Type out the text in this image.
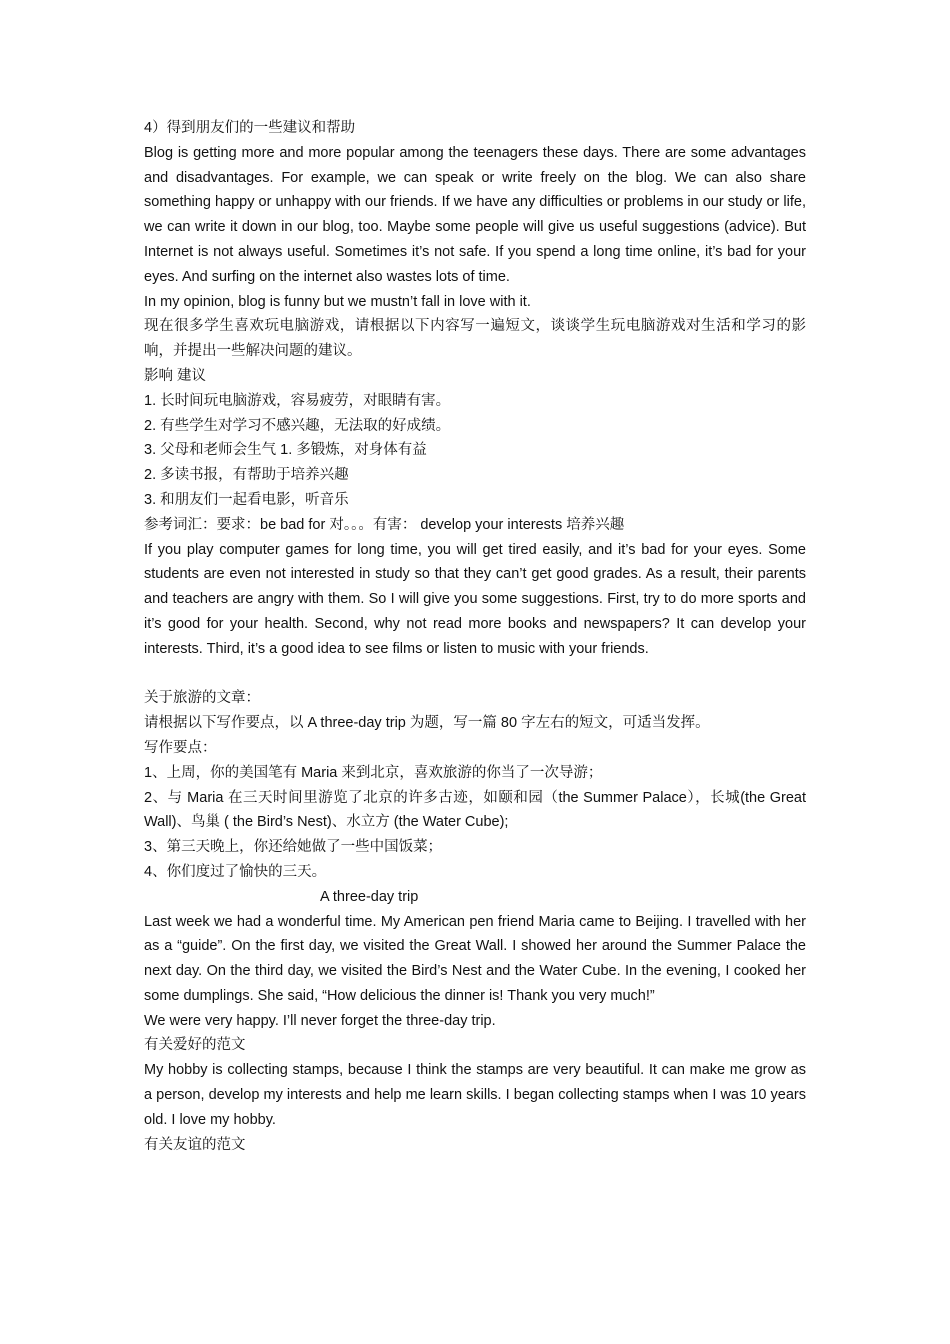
4）得到朋友们的一些建议和帮助

Blog is getting more and more popular among the teenagers these days. There are some advantages and disadvantages. For example, we can speak or write freely on the blog. We can also share something happy or unhappy with our friends. If we have any difficulties or problems in our study or life, we can write it down in our blog, too. Maybe some people will give us useful suggestions (advice). But Internet is not always useful. Sometimes it’s not safe. If you spend a long time online, it’s bad for your eyes. And surfing on the internet also wastes lots of time.

In my opinion, blog is funny but we mustn’t fall in love with it.

现在很多学生喜欢玩电脑游戏，请根据以下内容写一遍短文，谈谈学生玩电脑游戏对生活和学习的影响，并提出一些解决问题的建议。

影响 建议

1. 长时间玩电脑游戏，容易疲劳，对眼睛有害。

2. 有些学生对学习不感兴趣，无法取的好成绩。

3. 父母和老师会生气 1. 多锻炼，对身体有益

2. 多读书报，有帮助于培养兴趣

3. 和朋友们一起看电影，听音乐

参考词汇：要求：be bad for 对。。。有害： develop your interests 培养兴趣

If you play computer games for long time, you will get tired easily, and it’s bad for your eyes. Some students are even not interested in study so that they can’t get good grades. As a result, their parents and teachers are angry with them. So I will give you some suggestions. First, try to do more sports and it’s good for your health. Second, why not read more books and newspapers? It can develop your interests. Third, it’s a good idea to see films or listen to music with your friends.

关于旅游的文章：

请根据以下写作要点，以 A three-day trip 为题，写一篇 80 字左右的短文，可适当发挥。

写作要点：

1、上周，你的美国笔有 Maria 来到北京，喜欢旅游的你当了一次导游；

2、与 Maria 在三天时间里游览了北京的许多古迹，如颐和园（the Summer Palace），长城(the Great Wall)、鸟巢 ( the Bird’s Nest)、水立方 (the Water Cube);

3、第三天晚上，你还给她做了一些中国饭菜；

4、你们度过了愉快的三天。

A three-day trip

Last week we had a wonderful time. My American pen friend Maria came to Beijing. I travelled with her as a “guide”. On the first day, we visited the Great Wall. I showed her around the Summer Palace the next day. On the third day, we visited the Bird’s Nest and the Water Cube. In the evening, I cooked her some dumplings. She said, “How delicious the dinner is! Thank you very much!”

We were very happy. I’ll never forget the three-day trip.

有关爱好的范文

My hobby is collecting stamps, because I think the stamps are very beautiful. It can make me grow as a person, develop my interests and help me learn skills. I began collecting stamps when I was 10 years old. I love my hobby.

有关友谊的范文
